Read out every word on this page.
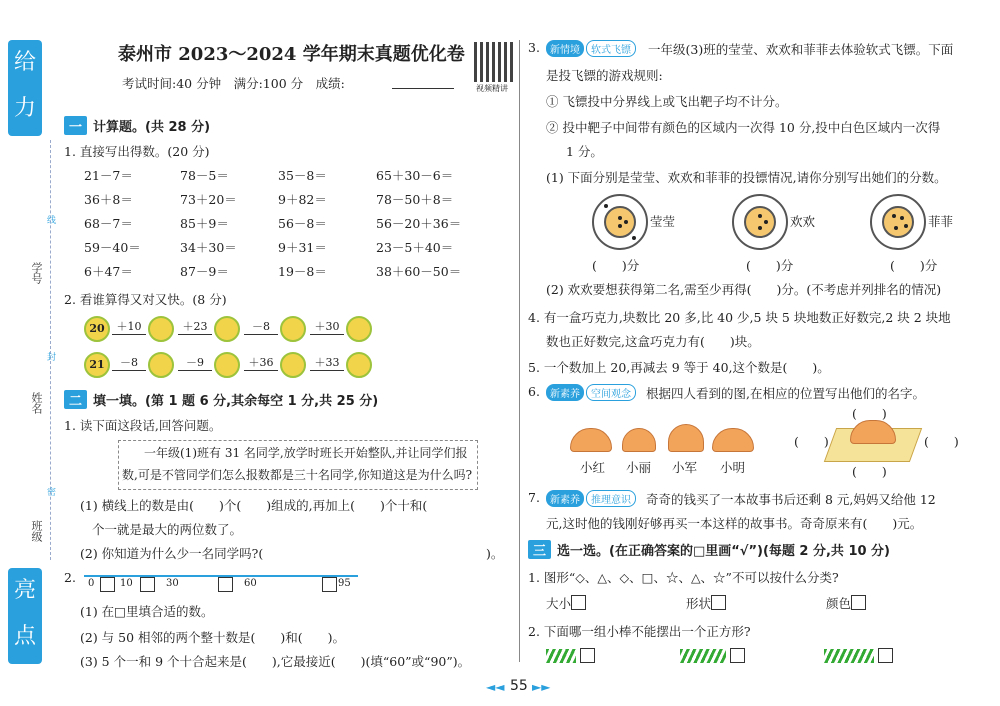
给　力
亮　点
学号
姓名
班级
线
封
密
泰州市 2023～2024 学年期末真题优化卷
考试时间:40 分钟　满分:100 分　成绩:	视频精讲
一 计算题。(共 28 分)
1. 直接写出得数。(20 分)
21－7＝	78－5＝	35－8＝	65＋30－6＝
36＋8＝	73＋20＝	9＋82＝	78－50＋8＝
68－7＝	85＋9＝	56－8＝	56－20＋36＝
59－40＝	34＋30＝	9＋31＝	23－5＋40＝
6＋47＝	87－9＝	19－8＝	38＋60－50＝
2. 看谁算得又对又快。(8 分)
20
21
＋10	＋23	－8	＋30
－8	－9	＋36	＋33
二 填一填。(第 1 题 6 分,其余每空 1 分,共 25 分)
1. 读下面这段话,回答问题。
一年级(1)班有 31 名同学,放学时班长开始整队,并让同学们报
数,可是不管同学们怎么报数都是三十名同学,你知道这是为什么吗?
(1) 横线上的数是由(　　)个(　　)组成的,再加上(　　)个十和(
个一就是最大的两位数了。
(2) 你知道为什么少一名同学吗?(	)。
2. 0	10	30	60	95
(1) 在□里填合适的数。
(2) 与 50 相邻的两个整十数是(　　)和(　　)。
(3) 5 个一和 9 个十合起来是(　　),它最接近(　　)(填“60”或“90”)。
3.	新情境 软式飞镖	一年级(3)班的莹莹、欢欢和菲菲去体验软式飞镖。下面
是投飞镖的游戏规则:
① 飞镖投中分界线上或飞出靶子均不计分。
② 投中靶子中间带有颜色的区域内一次得 10 分,投中白色区域内一次得
1 分。
(1) 下面分别是莹莹、欢欢和菲菲的投镖情况,请你分别写出她们的分数。
莹莹	欢欢	菲菲
(　　)分	(　　)分	(　　)分
(2) 欢欢要想获得第二名,需至少再得(　　)分。(不考虑并列排名的情况)
4. 有一盒巧克力,块数比 20 多,比 40 少,5 块 5 块地数正好数完,2 块 2 块地
数也正好数完,这盒巧克力有(　　)块。
5. 一个数加上 20,再减去 9 等于 40,这个数是(　　)。
6.	新素养 空间观念	根据四人看到的图,在相应的位置写出他们的名字。
小红 小丽 小军 小明
(　　)
(　　)	(　　)
(　　)
7.	新素养 推理意识	奇奇的钱买了一本故事书后还剩 8 元,妈妈又给他 12
元,这时他的钱刚好够再买一本这样的故事书。奇奇原来有(　　)元。
三 选一选。(在正确答案的□里画“√”)(每题 2 分,共 10 分)
1. 图形“◇、△、◇、□、☆、△、☆”不可以按什么分类?
大小	形状	颜色
2. 下面哪一组小棒不能摆出一个正方形?

◄◄ 55 ►►
